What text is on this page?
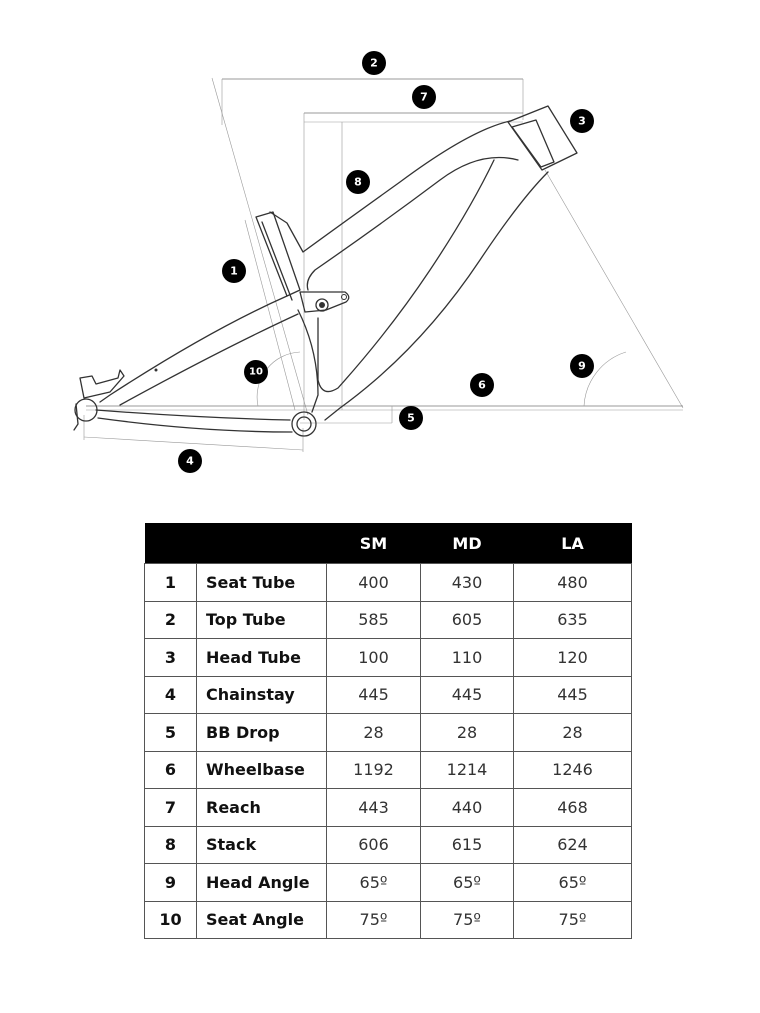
1
2
3
4
5
6
7
8
9
10
		SM	MD	LA
1	Seat Tube	400	430	480
2	Top Tube	585	605	635
3	Head Tube	100	110	120
4	Chainstay	445	445	445
5	BB Drop	28	28	28
6	Wheelbase	1192	1214	1246
7	Reach	443	440	468
8	Stack	606	615	624
9	Head Angle	65º	65º	65º
10	Seat Angle	75º	75º	75º
